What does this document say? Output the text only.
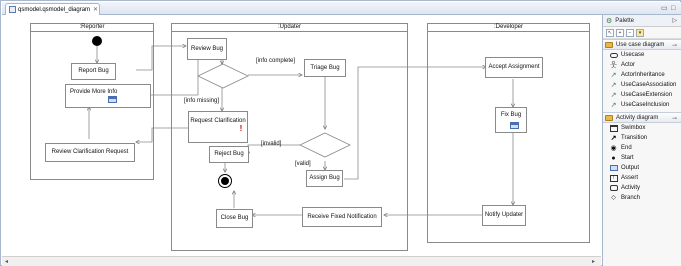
qsmodel.qsmodel_diagram ✕	▭ □
:Reporter	:Updater	:Developer
Report Bug
Provide More Info
Review Clarification Request
Review Bug
Request Clarification
!
Reject Bug
Close Bug
Triage Bug
Assign Bug
Receive Fixed Notification
[info complete]
[info missing]
[invalid]
[valid]
Accept Assignment
Fix Bug
Notify Updater
◂	▸
⚙ Palette	▷
↖	+	−	▾
Use case diagram ⊸
Usecase
웃 Actor
↗ ActorInheritance
↗ UseCaseAssociation
↗ UseCaseExtension
↗ UseCaseInclusion
Activity diagram ⊸
Swimbox
↗ Transition
◉ End
● Start
Output
!	Assert
Activity
◇ Branch
